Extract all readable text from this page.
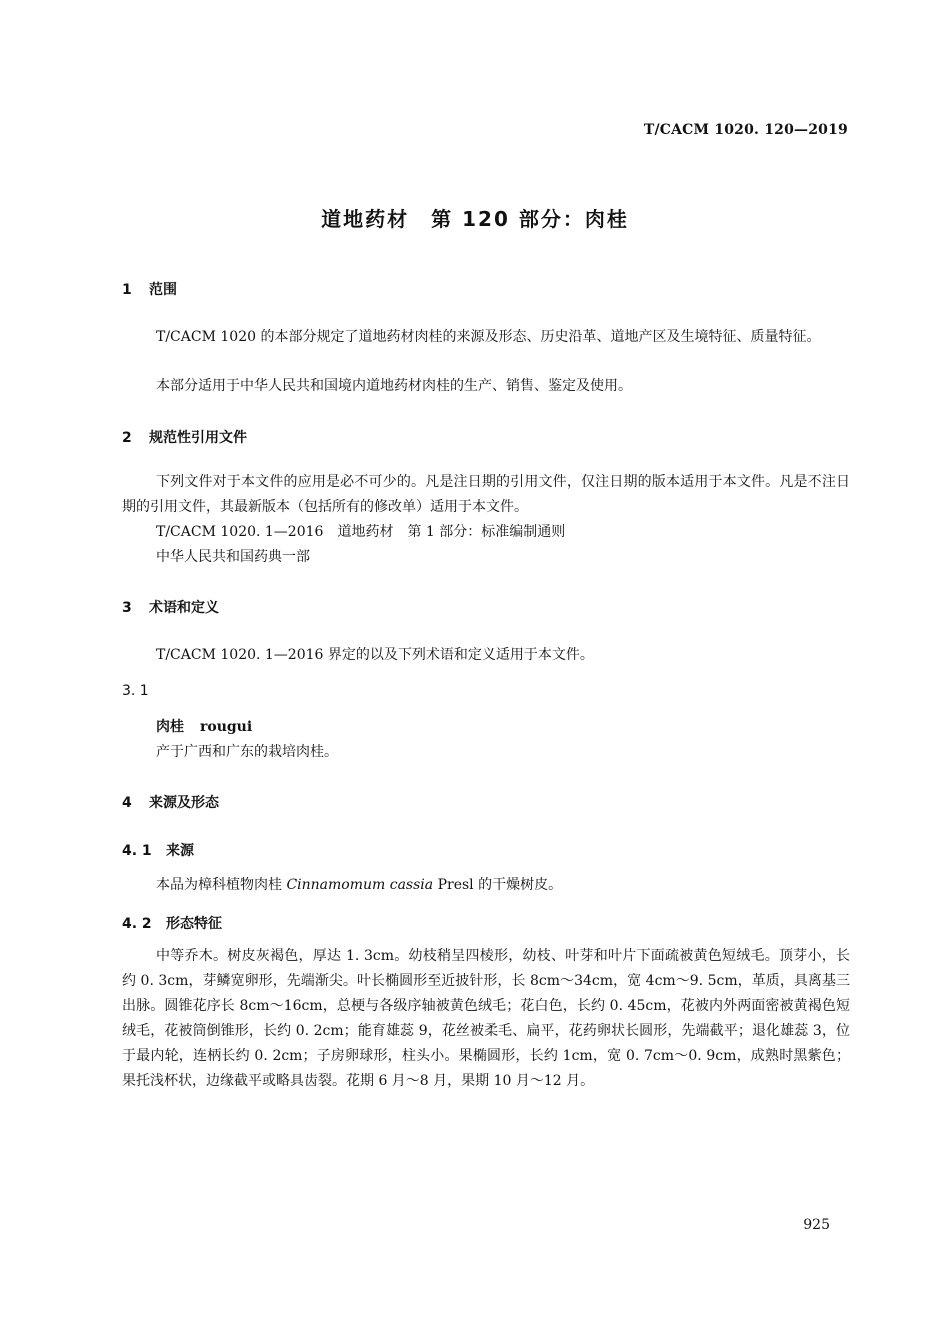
T/CACM 1020. 120—2019
道地药材　第 120 部分：肉桂
1 范围

T/CACM 1020 的本部分规定了道地药材肉桂的来源及形态、历史沿革、道地产区及生境特征、质量特征。

本部分适用于中华人民共和国境内道地药材肉桂的生产、销售、鉴定及使用。

2 规范性引用文件

下列文件对于本文件的应用是必不可少的。凡是注日期的引用文件，仅注日期的版本适用于本文件。凡是不注日期的引用文件，其最新版本（包括所有的修改单）适用于本文件。

T/CACM 1020. 1—2016　道地药材　第 1 部分：标准编制通则
中华人民共和国药典一部
3 术语和定义

T/CACM 1020. 1—2016 界定的以及下列术语和定义适用于本文件。

3. 1
肉桂 rougui
产于广西和广东的栽培肉桂。
4 来源及形态
4. 1 来源
本品为樟科植物肉桂 Cinnamomum cassia Presl 的干燥树皮。
4. 2 形态特征

中等乔木。树皮灰褐色，厚达 1. 3cm。幼枝稍呈四棱形，幼枝、叶芽和叶片下面疏被黄色短绒毛。顶芽小，长约 0. 3cm，芽鳞宽卵形，先端渐尖。叶长椭圆形至近披针形，长 8cm～34cm，宽 4cm～9. 5cm，革质，具离基三出脉。圆锥花序长 8cm～16cm，总梗与各级序轴被黄色绒毛；花白色，长约 0. 45cm，花被内外两面密被黄褐色短绒毛，花被筒倒锥形，长约 0. 2cm；能育雄蕊 9，花丝被柔毛、扁平，花药卵状长圆形，先端截平；退化雄蕊 3，位于最内轮，连柄长约 0. 2cm；子房卵球形，柱头小。果椭圆形，长约 1cm，宽 0. 7cm～0. 9cm，成熟时黑紫色；果托浅杯状，边缘截平或略具齿裂。花期 6 月～8 月，果期 10 月～12 月。

925
